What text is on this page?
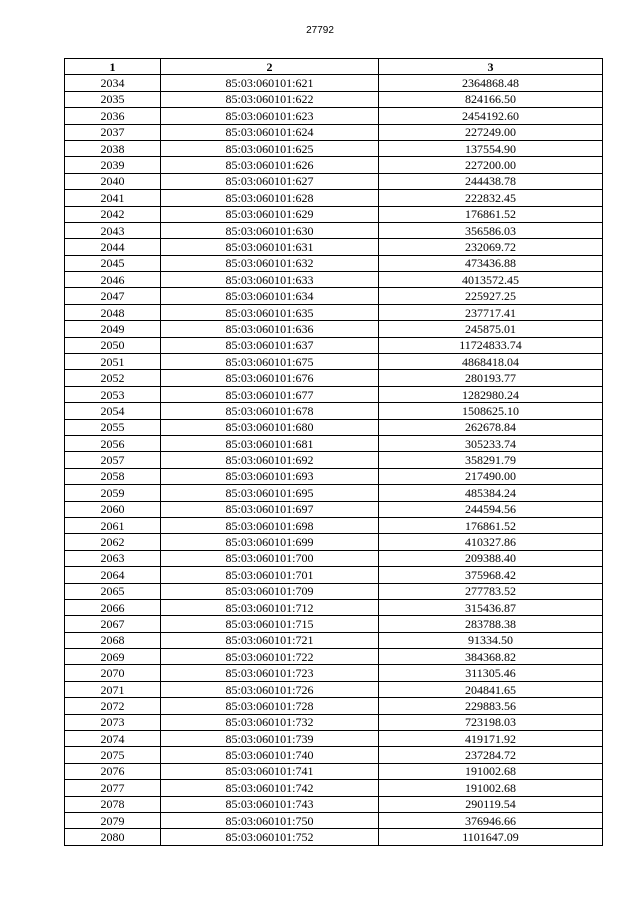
27792
1	2	3
2034	85:03:060101:621	2364868.48
2035	85:03:060101:622	824166.50
2036	85:03:060101:623	2454192.60
2037	85:03:060101:624	227249.00
2038	85:03:060101:625	137554.90
2039	85:03:060101:626	227200.00
2040	85:03:060101:627	244438.78
2041	85:03:060101:628	222832.45
2042	85:03:060101:629	176861.52
2043	85:03:060101:630	356586.03
2044	85:03:060101:631	232069.72
2045	85:03:060101:632	473436.88
2046	85:03:060101:633	4013572.45
2047	85:03:060101:634	225927.25
2048	85:03:060101:635	237717.41
2049	85:03:060101:636	245875.01
2050	85:03:060101:637	11724833.74
2051	85:03:060101:675	4868418.04
2052	85:03:060101:676	280193.77
2053	85:03:060101:677	1282980.24
2054	85:03:060101:678	1508625.10
2055	85:03:060101:680	262678.84
2056	85:03:060101:681	305233.74
2057	85:03:060101:692	358291.79
2058	85:03:060101:693	217490.00
2059	85:03:060101:695	485384.24
2060	85:03:060101:697	244594.56
2061	85:03:060101:698	176861.52
2062	85:03:060101:699	410327.86
2063	85:03:060101:700	209388.40
2064	85:03:060101:701	375968.42
2065	85:03:060101:709	277783.52
2066	85:03:060101:712	315436.87
2067	85:03:060101:715	283788.38
2068	85:03:060101:721	91334.50
2069	85:03:060101:722	384368.82
2070	85:03:060101:723	311305.46
2071	85:03:060101:726	204841.65
2072	85:03:060101:728	229883.56
2073	85:03:060101:732	723198.03
2074	85:03:060101:739	419171.92
2075	85:03:060101:740	237284.72
2076	85:03:060101:741	191002.68
2077	85:03:060101:742	191002.68
2078	85:03:060101:743	290119.54
2079	85:03:060101:750	376946.66
2080	85:03:060101:752	1101647.09
